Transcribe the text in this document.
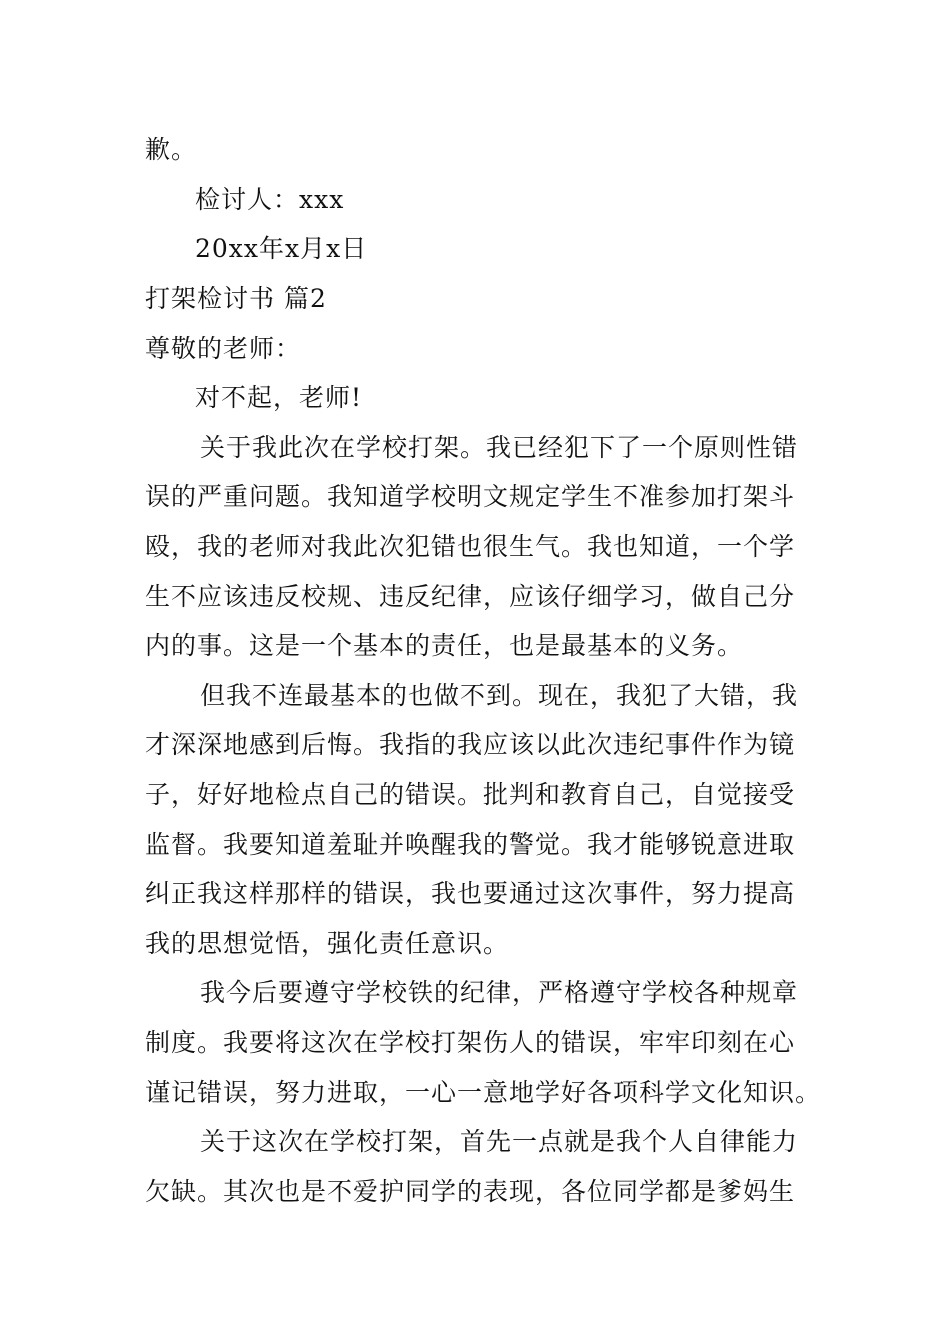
歉。
检讨人：xxx
20xx年x月x日
打架检讨书 篇2
尊敬的老师：
对不起，老师!
关于我此次在学校打架。我已经犯下了一个原则性错
误的严重问题。我知道学校明文规定学生不准参加打架斗
殴，我的老师对我此次犯错也很生气。我也知道，一个学
生不应该违反校规、违反纪律，应该仔细学习，做自己分
内的事。这是一个基本的责任，也是最基本的义务。
但我不连最基本的也做不到。现在，我犯了大错，我
才深深地感到后悔。我指的我应该以此次违纪事件作为镜
子，好好地检点自己的错误。批判和教育自己，自觉接受
监督。我要知道羞耻并唤醒我的警觉。我才能够锐意进取
纠正我这样那样的错误，我也要通过这次事件，努力提高
我的思想觉悟，强化责任意识。
我今后要遵守学校铁的纪律，严格遵守学校各种规章
制度。我要将这次在学校打架伤人的错误，牢牢印刻在心
谨记错误，努力进取，一心一意地学好各项科学文化知识。
关于这次在学校打架，首先一点就是我个人自律能力
欠缺。其次也是不爱护同学的表现，各位同学都是爹妈生
